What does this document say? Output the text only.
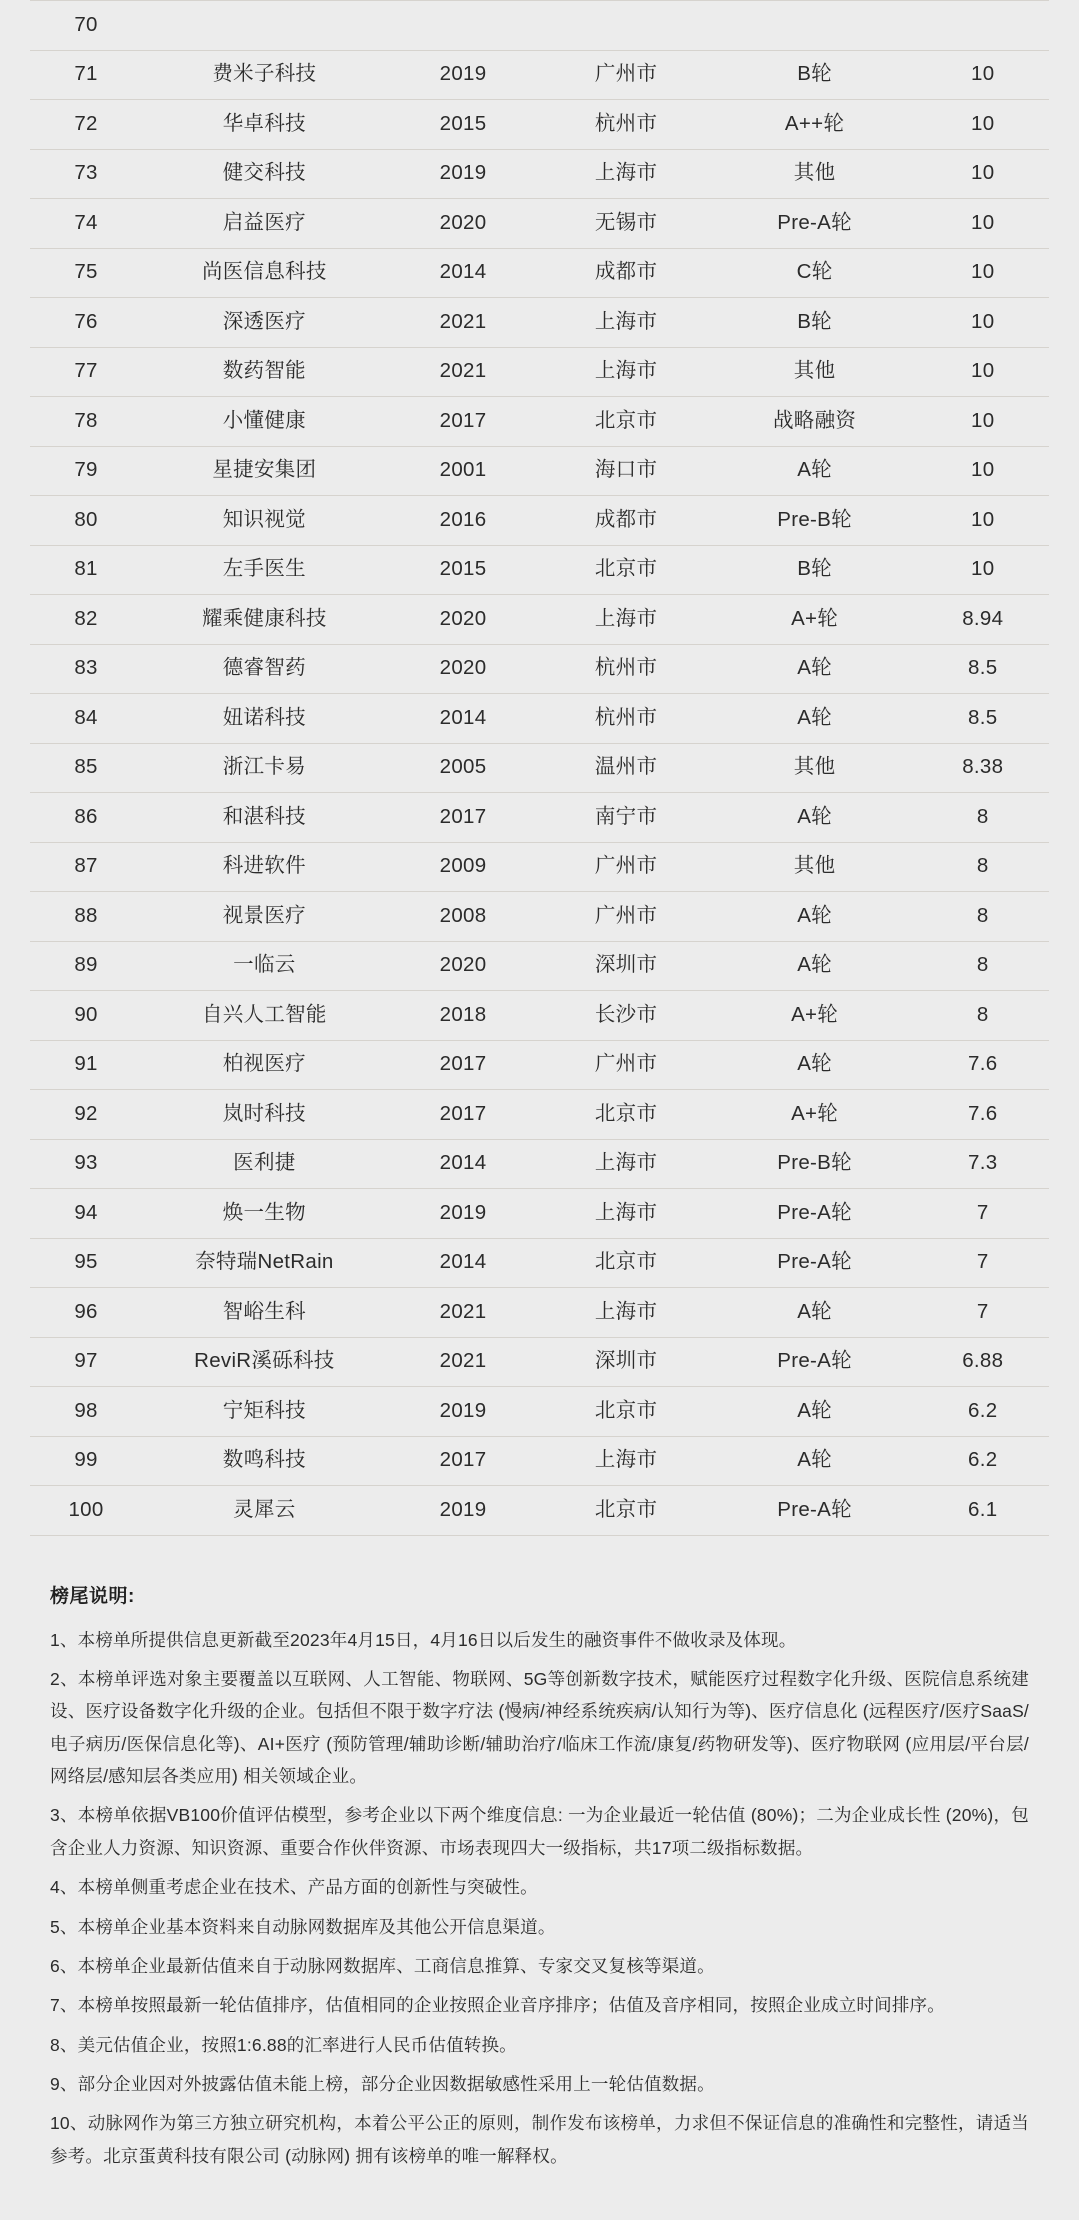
70					
71	费米子科技	2019	广州市	B轮	10
72	华卓科技	2015	杭州市	A++轮	10
73	健交科技	2019	上海市	其他	10
74	启益医疗	2020	无锡市	Pre-A轮	10
75	尚医信息科技	2014	成都市	C轮	10
76	深透医疗	2021	上海市	B轮	10
77	数药智能	2021	上海市	其他	10
78	小懂健康	2017	北京市	战略融资	10
79	星捷安集团	2001	海口市	A轮	10
80	知识视觉	2016	成都市	Pre-B轮	10
81	左手医生	2015	北京市	B轮	10
82	耀乘健康科技	2020	上海市	A+轮	8.94
83	德睿智药	2020	杭州市	A轮	8.5
84	妞诺科技	2014	杭州市	A轮	8.5
85	浙江卡易	2005	温州市	其他	8.38
86	和湛科技	2017	南宁市	A轮	8
87	科进软件	2009	广州市	其他	8
88	视景医疗	2008	广州市	A轮	8
89	一临云	2020	深圳市	A轮	8
90	自兴人工智能	2018	长沙市	A+轮	8
91	柏视医疗	2017	广州市	A轮	7.6
92	岚时科技	2017	北京市	A+轮	7.6
93	医利捷	2014	上海市	Pre-B轮	7.3
94	焕一生物	2019	上海市	Pre-A轮	7
95	奈特瑞NetRain	2014	北京市	Pre-A轮	7
96	智峪生科	2021	上海市	A轮	7
97	ReviR溪砾科技	2021	深圳市	Pre-A轮	6.88
98	宁矩科技	2019	北京市	A轮	6.2
99	数鸣科技	2017	上海市	A轮	6.2
100	灵犀云	2019	北京市	Pre-A轮	6.1
榜尾说明:

1、本榜单所提供信息更新截至2023年4月15日，4月16日以后发生的融资事件不做收录及体现。

2、本榜单评选对象主要覆盖以互联网、人工智能、物联网、5G等创新数字技术，赋能医疗过程数字化升级、医院信息系统建设、医疗设备数字化升级的企业。包括但不限于数字疗法 (慢病/神经系统疾病/认知行为等)、医疗信息化 (远程医疗/医疗SaaS/电子病历/医保信息化等)、AI+医疗 (预防管理/辅助诊断/辅助治疗/临床工作流/康复/药物研发等)、医疗物联网 (应用层/平台层/网络层/感知层各类应用) 相关领域企业。

3、本榜单依据VB100价值评估模型，参考企业以下两个维度信息: 一为企业最近一轮估值 (80%)；二为企业成长性 (20%)，包含企业人力资源、知识资源、重要合作伙伴资源、市场表现四大一级指标，共17项二级指标数据。

4、本榜单侧重考虑企业在技术、产品方面的创新性与突破性。

5、本榜单企业基本资料来自动脉网数据库及其他公开信息渠道。

6、本榜单企业最新估值来自于动脉网数据库、工商信息推算、专家交叉复核等渠道。

7、本榜单按照最新一轮估值排序，估值相同的企业按照企业音序排序；估值及音序相同，按照企业成立时间排序。

8、美元估值企业，按照1:6.88的汇率进行人民币估值转换。

9、部分企业因对外披露估值未能上榜，部分企业因数据敏感性采用上一轮估值数据。

10、动脉网作为第三方独立研究机构，本着公平公正的原则，制作发布该榜单，力求但不保证信息的准确性和完整性，请适当参考。北京蛋黄科技有限公司 (动脉网) 拥有该榜单的唯一解释权。
